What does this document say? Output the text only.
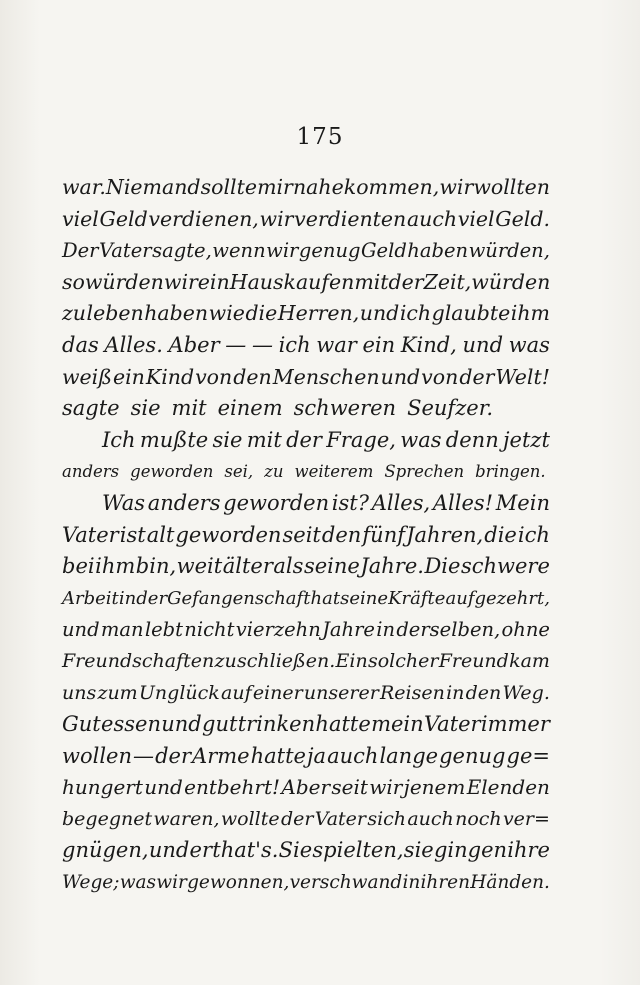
175
war. Niemand sollte mir nahe kommen, wir wollten
viel Geld verdienen, wir verdienten auch viel Geld.
Der Vater sagte, wenn wir genug Geld haben würden,
so würden wir ein Haus kaufen mit der Zeit, würden
zu leben haben wie die Herren, und ich glaubte ihm
das Alles. Aber — — ich war ein Kind, und was
weiß ein Kind von den Menschen und von der Welt!
sagte sie mit einem schweren Seufzer.
Ich mußte sie mit der Frage, was denn jetzt
anders geworden sei, zu weiterem Sprechen bringen.
Was anders geworden ist? Alles, Alles! Mein
Vater ist alt geworden seit den fünf Jahren, die ich
bei ihm bin, weit älter als seine Jahre. Die schwere
Arbeit in der Gefangenschaft hat seine Kräfte aufgezehrt,
und man lebt nicht vierzehn Jahre in derselben, ohne
Freundschaften zu schließen. Ein solcher Freund kam
uns zum Unglück auf einer unserer Reisen in den Weg.
Gut essen und gut trinken hatte mein Vater immer
wollen — der Arme hatte ja auch lange genug ge=
hungert und entbehrt! Aber seit wir jenem Elenden
begegnet waren, wollte der Vater sich auch noch ver=
gnügen, und er that's. Sie spielten, sie gingen ihre
Wege; was wir gewonnen, verschwand in ihren Händen.
